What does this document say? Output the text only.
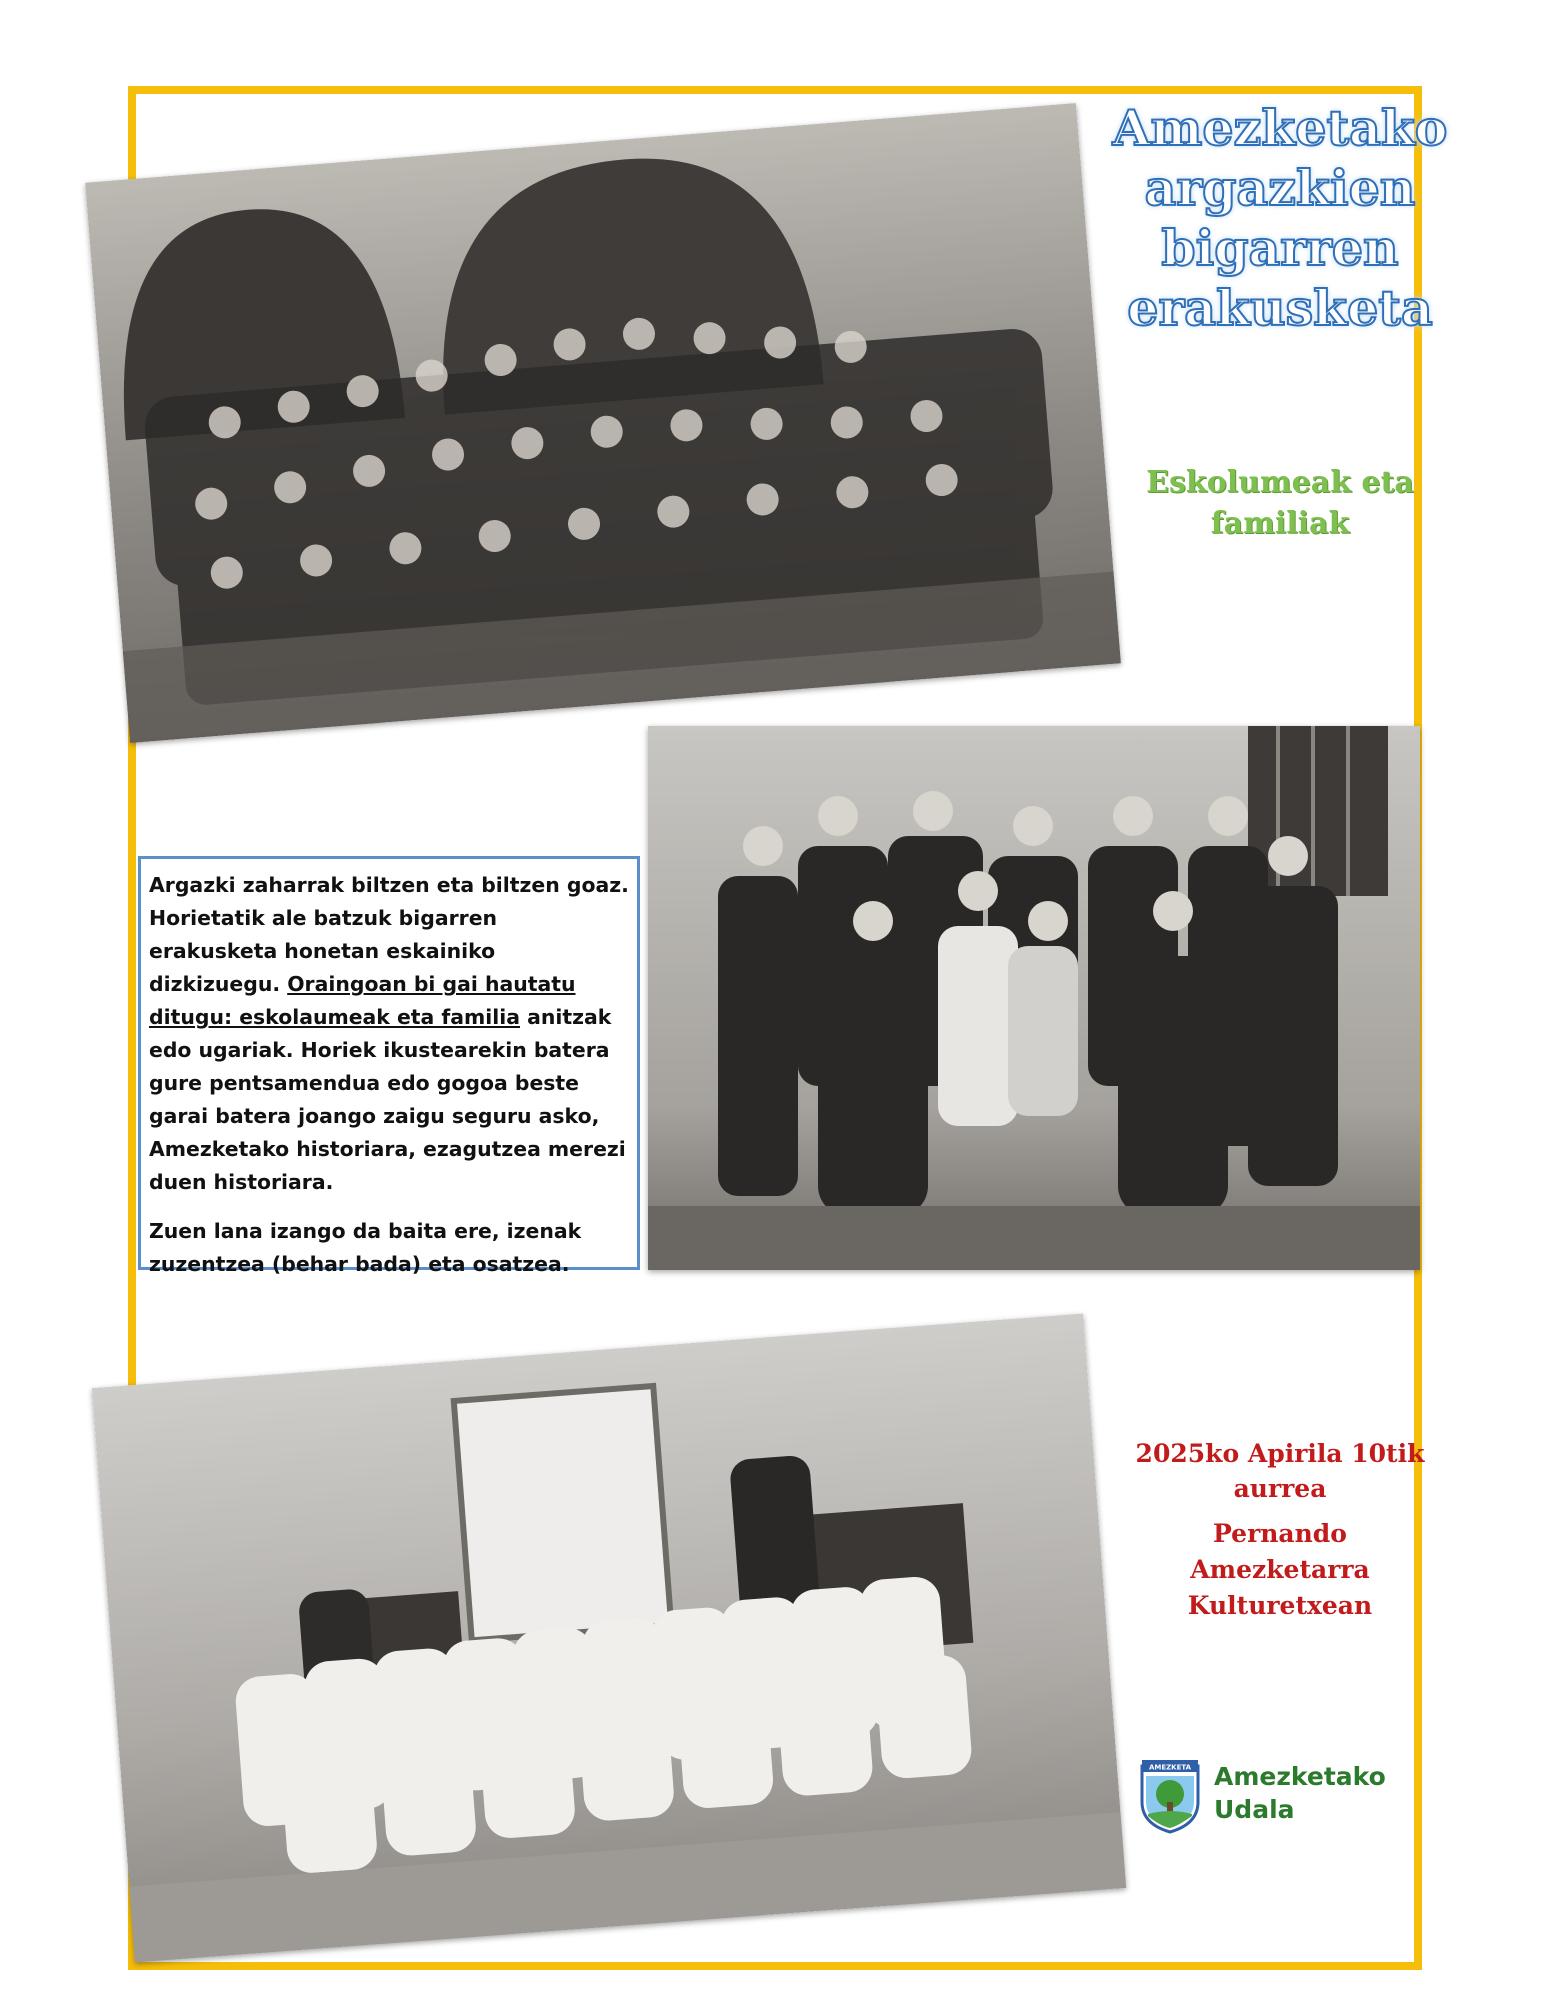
Amezketako
argazkien
bigarren
erakusketa
Eskolumeak eta
familiak

Argazki zaharrak biltzen eta biltzen goaz. Horietatik ale batzuk bigarren erakusketa honetan eskainiko dizkizuegu. Oraingoan bi gai hautatu ditugu: eskolaumeak eta familia anitzak edo ugariak. Horiek ikustearekin batera gure pentsamendua edo gogoa beste garai batera joango zaigu seguru asko, Amezketako historiara, ezagutzea merezi duen historiara.

Zuen lana izango da baita ere, izenak zuzentzea (behar bada) eta osatzea.

2025ko Apirila 10tik
aurrea
Pernando Amezketarra
Kulturetxean
AMEZKETA Amezketako
Udala
